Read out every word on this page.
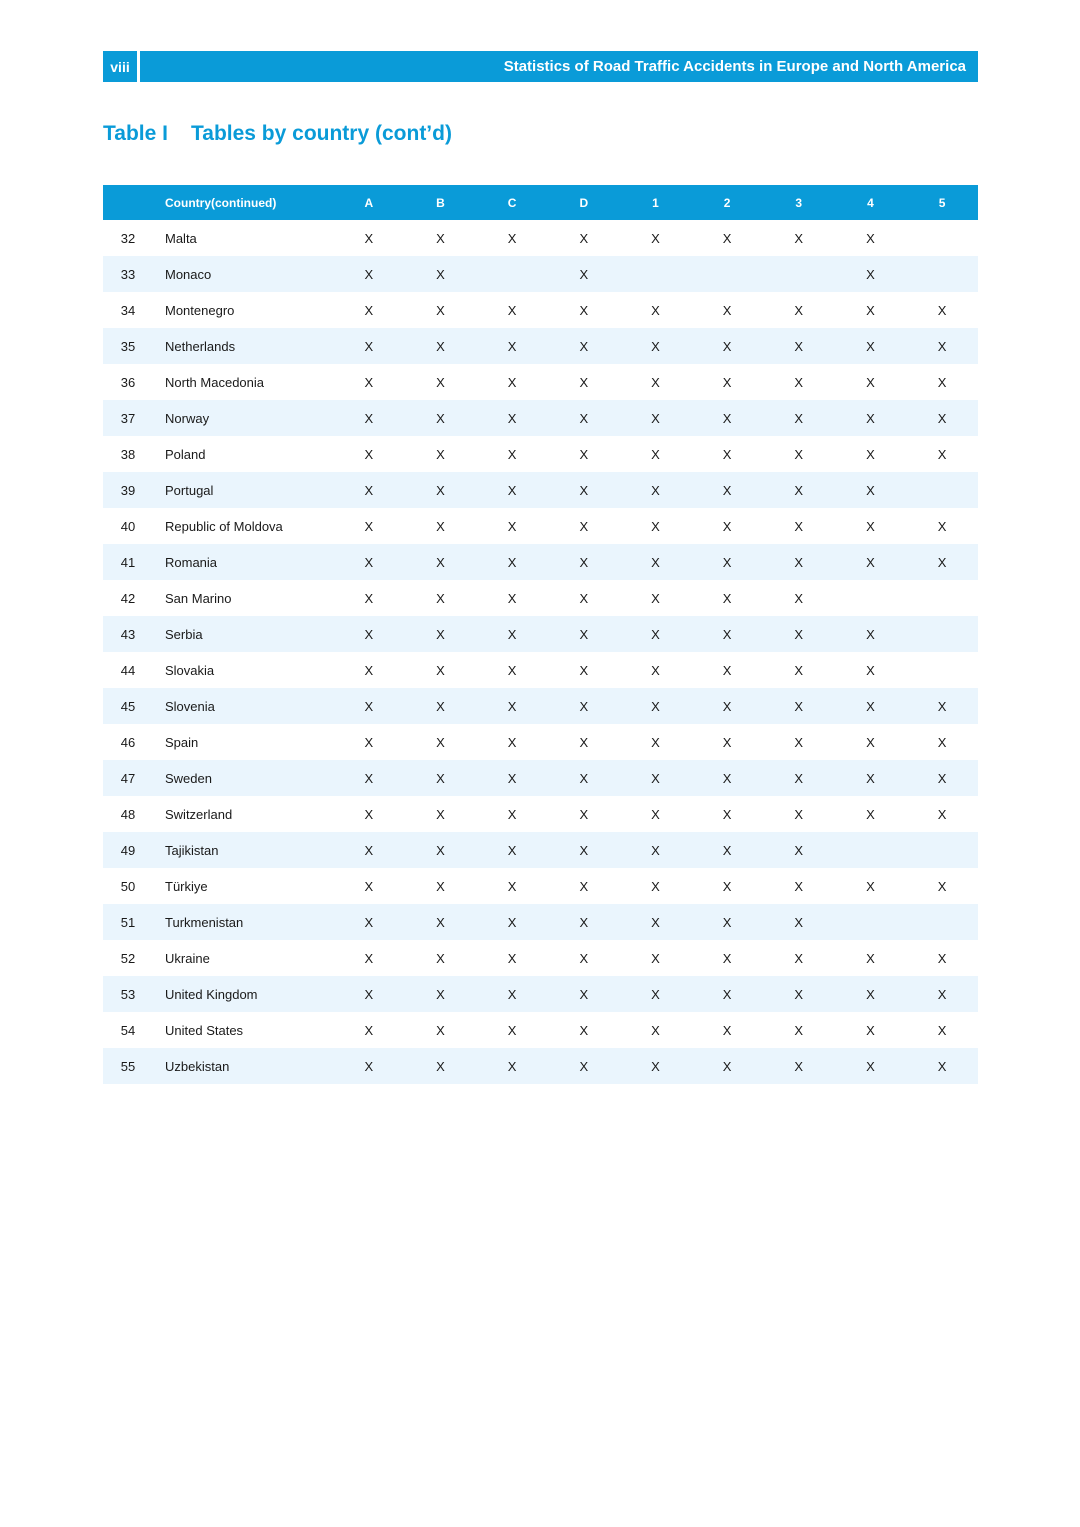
viii	Statistics of Road Traffic Accidents in Europe and North America
Table I	Tables by country (cont’d)
	Country(continued)	A	B	C	D	1	2	3	4	5
32	Malta	X	X	X	X	X	X	X	X	
33	Monaco	X	X		X				X	
34	Montenegro	X	X	X	X	X	X	X	X	X
35	Netherlands	X	X	X	X	X	X	X	X	X
36	North Macedonia	X	X	X	X	X	X	X	X	X
37	Norway	X	X	X	X	X	X	X	X	X
38	Poland	X	X	X	X	X	X	X	X	X
39	Portugal	X	X	X	X	X	X	X	X	
40	Republic of Moldova	X	X	X	X	X	X	X	X	X
41	Romania	X	X	X	X	X	X	X	X	X
42	San Marino	X	X	X	X	X	X	X		
43	Serbia	X	X	X	X	X	X	X	X	
44	Slovakia	X	X	X	X	X	X	X	X	
45	Slovenia	X	X	X	X	X	X	X	X	X
46	Spain	X	X	X	X	X	X	X	X	X
47	Sweden	X	X	X	X	X	X	X	X	X
48	Switzerland	X	X	X	X	X	X	X	X	X
49	Tajikistan	X	X	X	X	X	X	X		
50	Türkiye	X	X	X	X	X	X	X	X	X
51	Turkmenistan	X	X	X	X	X	X	X		
52	Ukraine	X	X	X	X	X	X	X	X	X
53	United Kingdom	X	X	X	X	X	X	X	X	X
54	United States	X	X	X	X	X	X	X	X	X
55	Uzbekistan	X	X	X	X	X	X	X	X	X
